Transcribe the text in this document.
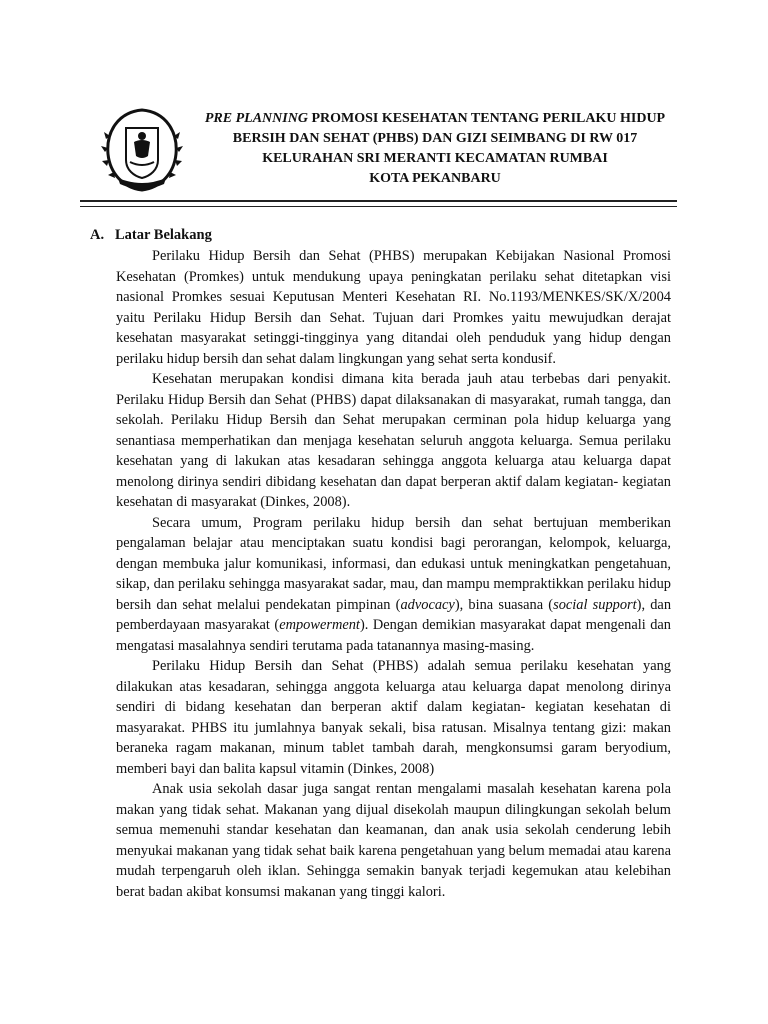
PRE PLANNING PROMOSI KESEHATAN TENTANG PERILAKU HIDUP BERSIH DAN SEHAT (PHBS) DAN GIZI SEIMBANG DI RW 017
KELURAHAN SRI MERANTI KECAMATAN RUMBAI
KOTA PEKANBARU
A. Latar Belakang

Perilaku Hidup Bersih dan Sehat (PHBS) merupakan Kebijakan Nasional Promosi Kesehatan (Promkes) untuk mendukung upaya peningkatan perilaku sehat ditetapkan visi nasional Promkes sesuai Keputusan Menteri Kesehatan RI. No.1193/MENKES/SK/X/2004 yaitu Perilaku Hidup Bersih dan Sehat. Tujuan dari Promkes yaitu mewujudkan derajat kesehatan masyarakat setinggi-tingginya yang ditandai oleh penduduk yang hidup dengan perilaku hidup bersih dan sehat dalam lingkungan yang sehat serta kondusif.

Kesehatan merupakan kondisi dimana kita berada jauh atau terbebas dari penyakit. Perilaku Hidup Bersih dan Sehat (PHBS) dapat dilaksanakan di masyarakat, rumah tangga, dan sekolah. Perilaku Hidup Bersih dan Sehat merupakan cerminan pola hidup keluarga yang senantiasa memperhatikan dan menjaga kesehatan seluruh anggota keluarga. Semua perilaku kesehatan yang di lakukan atas kesadaran sehingga anggota keluarga atau keluarga dapat menolong dirinya sendiri dibidang kesehatan dan dapat berperan aktif dalam kegiatan- kegiatan kesehatan di masyarakat (Dinkes, 2008).

Secara umum, Program perilaku hidup bersih dan sehat bertujuan memberikan pengalaman belajar atau menciptakan suatu kondisi bagi perorangan, kelompok, keluarga, dengan membuka jalur komunikasi, informasi, dan edukasi untuk meningkatkan pengetahuan, sikap, dan perilaku sehingga masyarakat sadar, mau, dan mampu mempraktikkan perilaku hidup bersih dan sehat melalui pendekatan pimpinan (advocacy), bina suasana (social support), dan pemberdayaan masyarakat (empowerment). Dengan demikian masyarakat dapat mengenali dan mengatasi masalahnya sendiri terutama pada tatanannya masing-masing.

Perilaku Hidup Bersih dan Sehat (PHBS) adalah semua perilaku kesehatan yang dilakukan atas kesadaran, sehingga anggota keluarga atau keluarga dapat menolong dirinya sendiri di bidang kesehatan dan berperan aktif dalam kegiatan- kegiatan kesehatan di masyarakat. PHBS itu jumlahnya banyak sekali, bisa ratusan. Misalnya tentang gizi: makan beraneka ragam makanan, minum tablet tambah darah, mengkonsumsi garam beryodium, memberi bayi dan balita kapsul vitamin (Dinkes, 2008)

Anak usia sekolah dasar juga sangat rentan mengalami masalah kesehatan karena pola makan yang tidak sehat. Makanan yang dijual disekolah maupun dilingkungan sekolah belum semua memenuhi standar kesehatan dan keamanan, dan anak usia sekolah cenderung lebih menyukai makanan yang tidak sehat baik karena pengetahuan yang belum memadai atau karena mudah terpengaruh oleh iklan. Sehingga semakin banyak terjadi kegemukan atau kelebihan berat badan akibat konsumsi makanan yang tinggi kalori.
